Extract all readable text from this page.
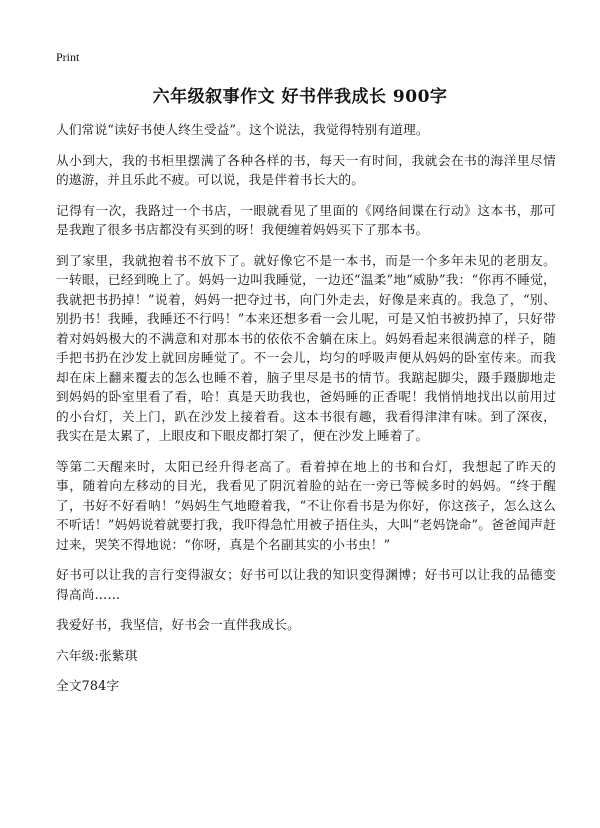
Print
六年级叙事作文 好书伴我成长 900字

人们常说“读好书使人终生受益”。这个说法，我觉得特别有道理。

从小到大，我的书柜里摆满了各种各样的书，每天一有时间，我就会在书的海洋里尽情的遨游，并且乐此不疲。可以说，我是伴着书长大的。

记得有一次，我路过一个书店，一眼就看见了里面的《网络间谍在行动》这本书，那可是我跑了很多书店都没有买到的呀！我便缠着妈妈买下了那本书。

到了家里，我就抱着书不放下了。就好像它不是一本书，而是一个多年未见的老朋友。一转眼，已经到晚上了。妈妈一边叫我睡觉，一边还“温柔”地“威胁”我：“你再不睡觉，我就把书扔掉！”说着，妈妈一把夺过书，向门外走去，好像是来真的。我急了，“别、别扔书！我睡，我睡还不行吗！”本来还想多看一会儿呢，可是又怕书被扔掉了，只好带着对妈妈极大的不满意和对那本书的依依不舍躺在床上。妈妈看起来很满意的样子，随手把书扔在沙发上就回房睡觉了。不一会儿，均匀的呼吸声便从妈妈的卧室传来。而我却在床上翻来覆去的怎么也睡不着，脑子里尽是书的情节。我踮起脚尖，蹑手蹑脚地走到妈妈的卧室里看了看，哈！真是天助我也，爸妈睡的正香呢！我悄悄地找出以前用过的小台灯，关上门，趴在沙发上接着看。这本书很有趣，我看得津津有味。到了深夜，我实在是太累了，上眼皮和下眼皮都打架了，便在沙发上睡着了。

等第二天醒来时，太阳已经升得老高了。看着掉在地上的书和台灯，我想起了昨天的事，随着向左移动的目光，我看见了阴沉着脸的站在一旁已等候多时的妈妈。“终于醒了，书好不好看呐！”妈妈生气地瞪着我，“不让你看书是为你好，你这孩子，怎么这么不听话！”妈妈说着就要打我，我吓得急忙用被子捂住头，大叫“老妈饶命”。爸爸闻声赶过来，哭笑不得地说：“你呀，真是个名副其实的小书虫！”

好书可以让我的言行变得淑女；好书可以让我的知识变得渊博；好书可以让我的品德变得高尚……

我爱好书，我坚信，好书会一直伴我成长。

六年级:张紫琪

全文784字
